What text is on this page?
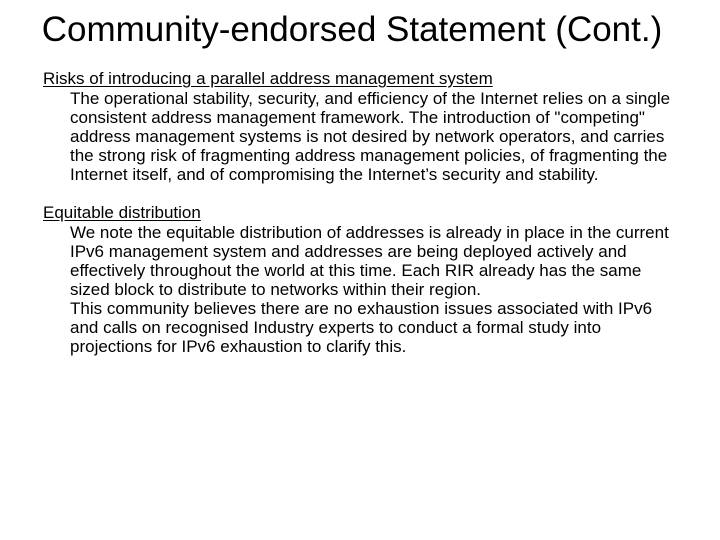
Community-endorsed Statement (Cont.)
Risks of introducing a parallel address management system
The operational stability, security, and efficiency of the Internet relies on a single consistent address management framework. The introduction of "competing" address management systems is not desired by network operators, and carries the strong risk of fragmenting address management policies, of fragmenting the Internet itself, and of compromising the Internet’s security and stability.
Equitable distribution
We note the equitable distribution of addresses is already in place in the current IPv6 management system and addresses are being deployed actively and effectively throughout the world at this time. Each RIR already has the same sized block to distribute to networks within their region.
This community believes there are no exhaustion issues associated with IPv6 and calls on recognised Industry experts to conduct a formal study into projections for IPv6 exhaustion to clarify this.
